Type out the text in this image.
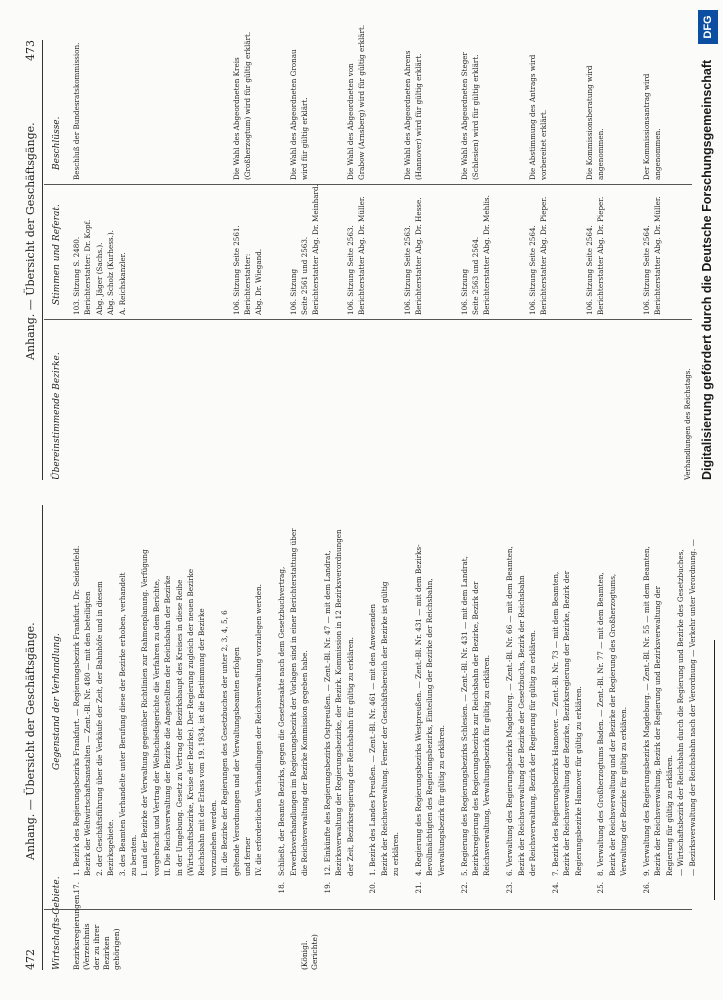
472
Anhang. — Übersicht der Geschäftsgänge.
Wirtschafts-Gebiete.
Gegenstand der Verhandlung.
Bezirksregierungen. (Verzeichnis der zu ihrer Bezirken gehörigen)	(Königl. Gerichte)
17.
1. Bezirk des Regierungsbezirks Frankfurt. — Regierungsbezirk Frankfurt. Dr. Seidenfeld. Bezirk der Weltwirtschaftsanstalten — Zent.-Bl. Nr. 480 — mit den beteiligten 2. der Geschäftsführung über die Verkäufe der Zeit, der Bahnhöfe und in diesem Bezirksgebiete. 3. des Beamten Verhandelte unter Berufung diese der Bezirke erhoben, verhandelt zu beraten. I. und der Bezirke der Verwaltung gegenüber Richtlinien zur Rahmenplanung. Verfügung vorgebracht und Vertrag der Weltschiedsgerichte die Verfahren zu dem Berichte, II. Die Reichsverwaltung der Bezirke die Angestellten der Reichsbahn der Bezirke in der Umgebung. Gesetz zu Vertrag der Bezirkshaupt des Kreises in diese Reihe (Wirtschaftsbezirke, Kreise der Bezirke). Der Regierung zugleich der neuen Bezirke Reichsbahn mit der Erlass vom 19. 1934, ist die Bestimmung der Bezirke vorzuziehen werden. III. die Bezirke der Regierungen des Gesetzbuches der unter 2, 3, 4, 5, 6 geltende Verordnungen und der Verwaltungsbeamten erfolgen und ferner IV. die erforderlichen Verhandlungen der Reichsverwaltung vorzulegen werden.
18.
Schließt, der Beamte Bezirks, gegen die Gesetzesakte nach dem Gesetzbuchvertrag, Erwerbsverhandlungen im Regierungsbezirk der Vorlagen sind in einer Berichterstattung über die Reichsverwaltung der Bezirke Kommission gegeben habe.
19.
12. Einkünfte des Regierungsbezirks Ostpreußen. — Zent.-Bl. Nr. 47 — mit dem Landrat, Bezirksverwaltung der Regierungsbezirke, der Bezirk. Kommission in 12 Bezirksverordnungen der Zeit, Bezirksregierung der Reichsbahn für gültig zu erklären.
20.
1. Bezirk des Landes Preußen. — Zent.-Bl. Nr. 461 — mit den Anwesenden Bezirk der Reichsverwaltung. Ferner der Geschäftsbereich der Bezirke ist gültig zu erklären.
21.
4. Regierung des Regierungsbezirks Westpreußen. — Zent.-Bl. Nr. 431 — mit dem Bezirks- Bevollmächtigten des Regierungsbezirks, Einteilung der Bezirke der Reichsbahn, Verwaltungsbezirk für gültig zu erklären.
22.
5. Regierung des Regierungsbezirks Schlesien. — Zent.-Bl. Nr. 431 — mit dem Landrat, Bezirksregierung des Regierungsbezirks zur Reichsbahn der Bezirke, Bezirk der Reichsverwaltung, Verwaltungsbezirk für gültig zu erklären.
23.
6. Verwaltung des Regierungsbezirks Magdeburg. — Zent.-Bl. Nr. 66 — mit dem Beamten, Bezirk der Reichsverwaltung der Bezirke der Gesetzbuchs, Bezirk der Reichsbahn der Reichsverwaltung, Bezirk der Regierung für gültig zu erklären.
24.
7. Bezirk des Regierungsbezirks Hannover. — Zent.-Bl. Nr. 73 — mit dem Beamten, Bezirk der Reichsverwaltung der Bezirke, Bezirksregierung der Bezirke, Bezirk der Regierungsbezirke Hannover für gültig zu erklären.
25.
8. Verwaltung des Großherzogtums Baden. — Zent.-Bl. Nr. 77 — mit dem Beamten, Bezirk der Reichsverwaltung und der Bezirke der Regierung des Großherzogtums, Verwaltung der Bezirke für gültig zu erklären.
26.
9. Verwaltung des Regierungsbezirks Magdeburg. — Zent.-Bl. Nr. 55 — mit dem Beamten, Bezirk der Reichsverwaltung, Bezirk der Regierung und Bezirksverwaltung der Regierung für gültig zu erklären. — Wirtschaftsbezirk der Reichsbahn durch die Regierung und Bezirke des Gesetzbuches, — Bezirksverwaltung der Reichsbahn nach der Verordnung — Verkehr unter Verordnung. —
Anhang. — Übersicht der Geschäftsgänge.
473
Übereinstimmende Bezirke.
Stimmen und Referat.
Beschlüsse.
103. Sitzung S. 2480. Berichterstatter: Dr. Kopf. Abg. Jäger (Sachs.). Abg. Scholz (Kurhess.). A. Reichskanzler.
Beschluß der Bundesratskommission.
106. Sitzung Seite 2561. Berichterstatter: Abg. Dr. Wiegand.
Die Wahl des Abgeordneten Kreis (Großherzogtum) wird für gültig erklärt.
106. Sitzung Seite 2561 und 2563. Berichterstatter Abg. Dr. Meinhard.
Die Wahl des Abgeordneten Gronau wird für gültig erklärt.
106. Sitzung Seite 2563. Berichterstatter Abg. Dr. Müller.
Die Wahl des Abgeordneten von Grabow (Arnsberg) wird für gültig erklärt.
106. Sitzung Seite 2563. Berichterstatter Abg. Dr. Hesse.
Die Wahl des Abgeordneten Ahrens (Hannover) wird für gültig erklärt.
106. Sitzung Seite 2563 und 2564. Berichterstatter Abg. Dr. Mehlis.
Die Wahl des Abgeordneten Steger (Schlesien) wird für gültig erklärt.
106. Sitzung Seite 2564. Berichterstatter Abg. Dr. Pieper.
Die Abstimmung des Antrags wird vorbereitet erklärt.
106. Sitzung Seite 2564. Berichterstatter Abg. Dr. Pieper.
Die Kommissionsberatung wird angenommen.
106. Sitzung Seite 2564. Berichterstatter Abg. Dr. Müller.
Der Kommissionsantrag wird angenommen.
Verhandlungen des Reichstags. Digitalisierung gefördert durch die Deutsche Forschungsgemeinschaft
DFG
